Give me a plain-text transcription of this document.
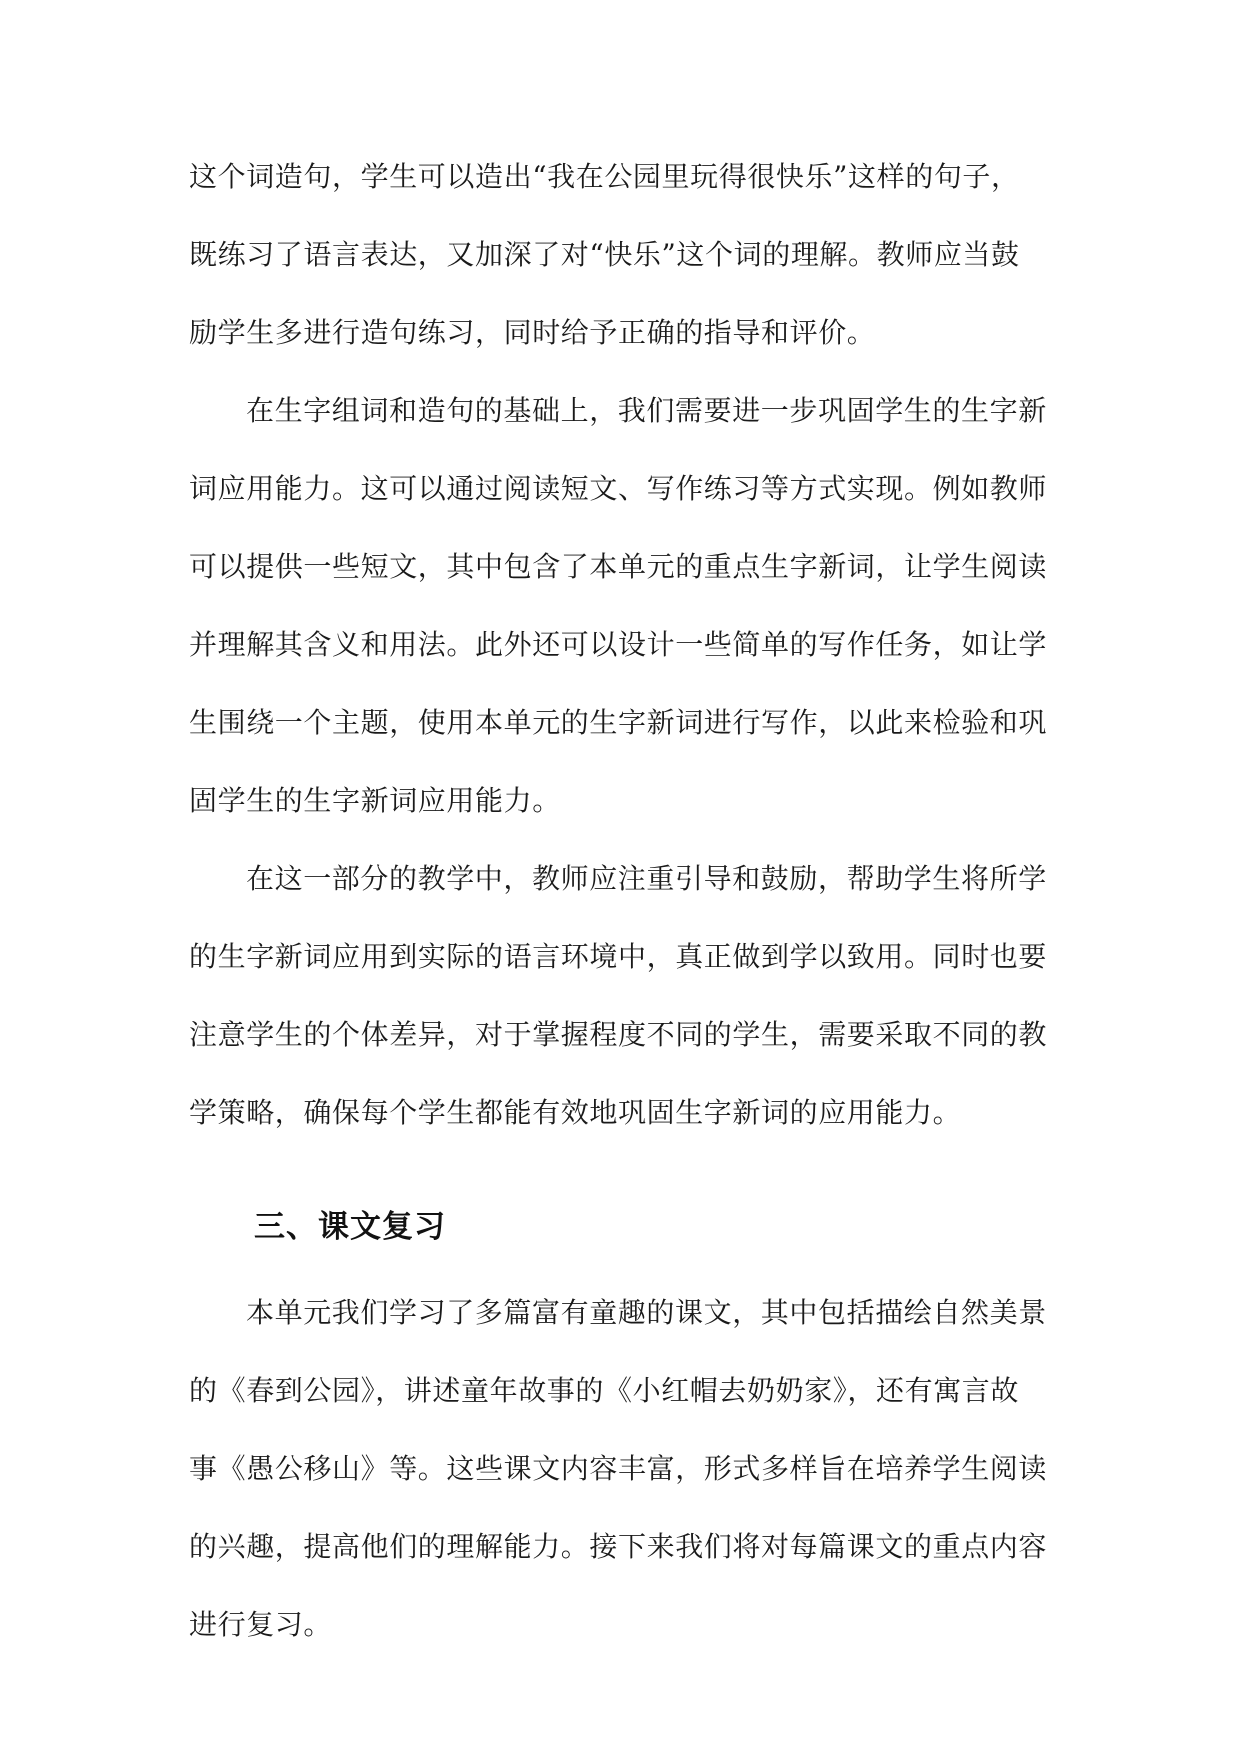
这个词造句，学生可以造出“我在公园里玩得很快乐”这样的句子，
既练习了语言表达，又加深了对“快乐”这个词的理解。教师应当鼓
励学生多进行造句练习，同时给予正确的指导和评价。
在生字组词和造句的基础上，我们需要进一步巩固学生的生字新
词应用能力。这可以通过阅读短文、写作练习等方式实现。例如教师
可以提供一些短文，其中包含了本单元的重点生字新词，让学生阅读
并理解其含义和用法。此外还可以设计一些简单的写作任务，如让学
生围绕一个主题，使用本单元的生字新词进行写作，以此来检验和巩
固学生的生字新词应用能力。
在这一部分的教学中，教师应注重引导和鼓励，帮助学生将所学
的生字新词应用到实际的语言环境中，真正做到学以致用。同时也要
注意学生的个体差异，对于掌握程度不同的学生，需要采取不同的教
学策略，确保每个学生都能有效地巩固生字新词的应用能力。
三、课文复习
本单元我们学习了多篇富有童趣的课文，其中包括描绘自然美景
的《春到公园》，讲述童年故事的《小红帽去奶奶家》，还有寓言故
事《愚公移山》等。这些课文内容丰富，形式多样旨在培养学生阅读
的兴趣，提高他们的理解能力。接下来我们将对每篇课文的重点内容
进行复习。
